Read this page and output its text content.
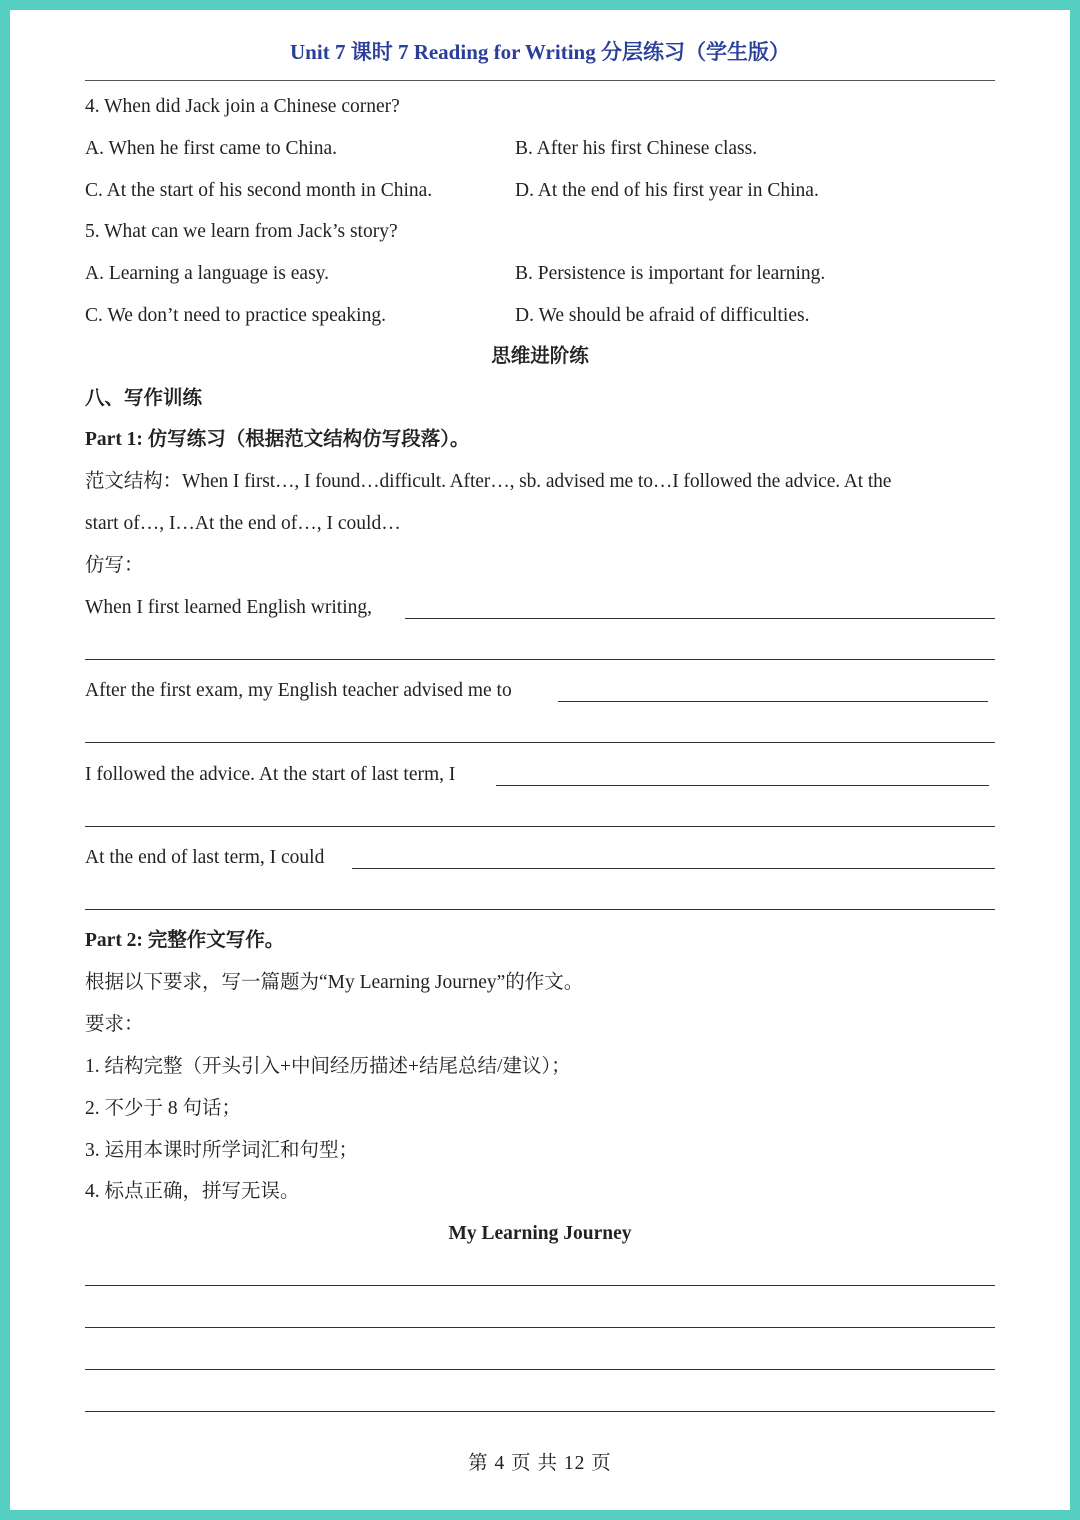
Unit 7 课时 7 Reading for Writing 分层练习（学生版）
4. When did Jack join a Chinese corner?
A. When he first came to China.	B. After his first Chinese class.
C. At the start of his second month in China.	D. At the end of his first year in China.
5. What can we learn from Jack’s story?
A. Learning a language is easy.	B. Persistence is important for learning.
C. We don’t need to practice speaking.	D. We should be afraid of difficulties.
思维进阶练
八、写作训练
Part 1: 仿写练习（根据范文结构仿写段落）。
范文结构：When I first…, I found…difficult. After…, sb. advised me to…I followed the advice. At the
start of…, I…At the end of…, I could…
仿写：
When I first learned English writing,
After the first exam, my English teacher advised me to
I followed the advice. At the start of last term, I
At the end of last term, I could
Part 2: 完整作文写作。
根据以下要求，写一篇题为“My Learning Journey”的作文。
要求：
1. 结构完整（开头引入+中间经历描述+结尾总结/建议）；
2. 不少于 8 句话；
3. 运用本课时所学词汇和句型；
4. 标点正确，拼写无误。
My Learning Journey
第 4 页 共 12 页
